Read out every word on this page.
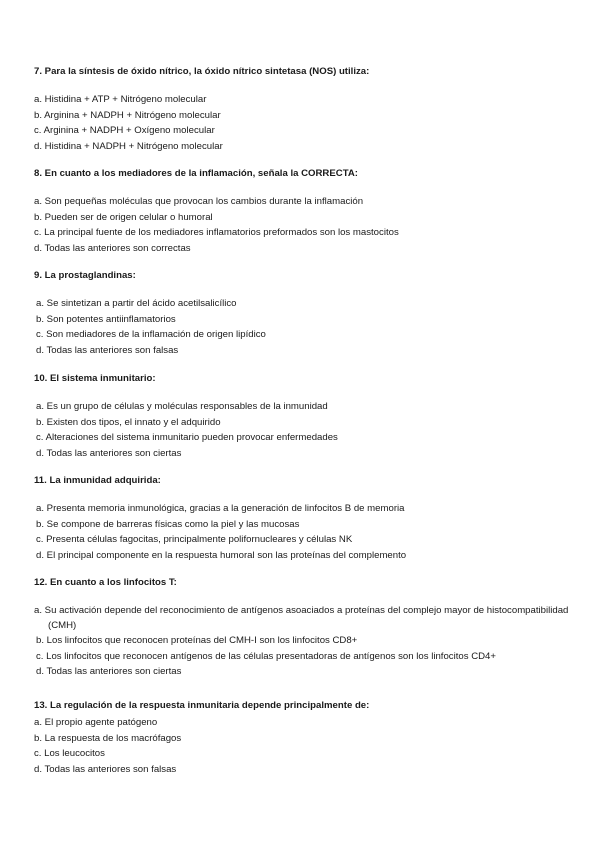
7. Para la síntesis de óxido nítrico, la óxido nítrico sintetasa (NOS) utiliza:

a. Histidina + ATP + Nitrógeno molecular
b. Arginina + NADPH + Nitrógeno molecular
c. Arginina + NADPH + Oxígeno molecular
d. Histidina + NADPH + Nitrógeno molecular

8. En cuanto a los mediadores de la inflamación, señala la CORRECTA:

a. Son pequeñas moléculas que provocan los cambios durante la inflamación
b. Pueden ser de origen celular o humoral
c. La principal fuente de los mediadores inflamatorios preformados son los mastocitos
d. Todas las anteriores son correctas

9. La prostaglandinas:

a. Se sintetizan a partir del ácido acetilsalicílico
b. Son potentes antiinflamatorios
c. Son mediadores de la inflamación de origen lipídico
d. Todas las anteriores son falsas

10. El sistema inmunitario:

a. Es un grupo de células y moléculas responsables de la inmunidad
b. Existen dos tipos, el innato y el adquirido
c. Alteraciones del sistema inmunitario pueden provocar enfermedades
d. Todas las anteriores son ciertas

11. La inmunidad adquirida:

a. Presenta memoria inmunológica, gracias a la generación de linfocitos B de memoria
b. Se compone de barreras físicas como la piel y las mucosas
c. Presenta células fagocitas, principalmente polifornucleares y células NK
d. El principal componente en la respuesta humoral son las proteínas del complemento

12. En cuanto a los linfocitos T:

a. Su activación depende del reconocimiento de antígenos asoaciados a proteínas del complejo mayor de histocompatibilidad (CMH)
b. Los linfocitos que reconocen proteínas del CMH-I son los linfocitos CD8+
c. Los linfocitos que reconocen antígenos de las células presentadoras de antígenos son los linfocitos CD4+
d. Todas las anteriores son ciertas

13. La regulación de la respuesta inmunitaria depende principalmente de:

a. El propio agente patógeno
b. La respuesta de los macrófagos
c. Los leucocitos
d. Todas las anteriores son falsas
